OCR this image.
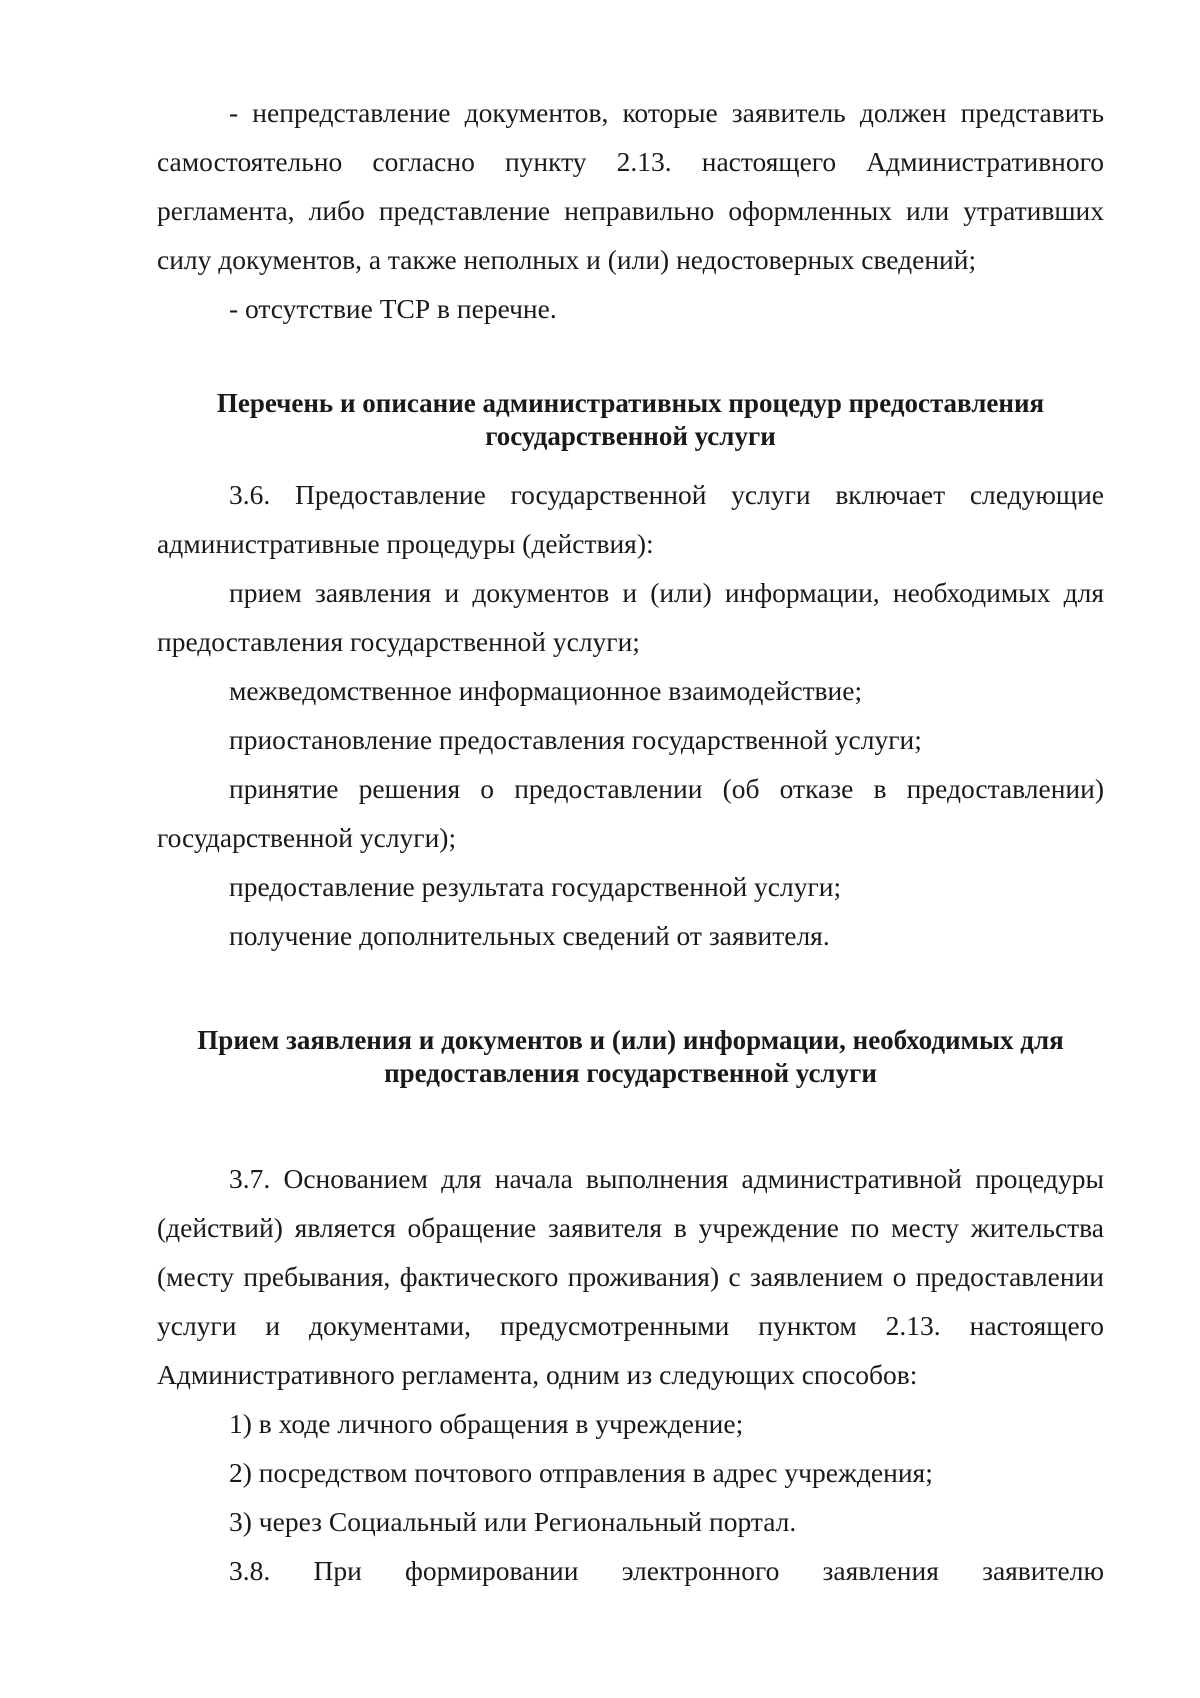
- непредставление документов, которые заявитель должен представить самостоятельно согласно пункту 2.13. настоящего Административного регламента, либо представление неправильно оформленных или утративших силу документов, а также неполных и (или) недостоверных сведений;

- отсутствие ТСР в перечне.

Перечень и описание административных процедур предоставления государственной услуги

3.6. Предоставление государственной услуги включает следующие административные процедуры (действия):

прием заявления и документов и (или) информации, необходимых для предоставления государственной услуги;

межведомственное информационное взаимодействие;

приостановление предоставления государственной услуги;

принятие решения о предоставлении (об отказе в предоставлении) государственной услуги);

предоставление результата государственной услуги;

получение дополнительных сведений от заявителя.

Прием заявления и документов и (или) информации, необходимых для предоставления государственной услуги

3.7. Основанием для начала выполнения административной процедуры (действий) является обращение заявителя в учреждение по месту жительства (месту пребывания, фактического проживания) с заявлением о предоставлении услуги и документами, предусмотренными пунктом 2.13. настоящего Административного регламента, одним из следующих способов:

1) в ходе личного обращения в учреждение;

2) посредством почтового отправления в адрес учреждения;

3) через Социальный или Региональный портал.

3.8. При формировании электронного заявления заявителю
